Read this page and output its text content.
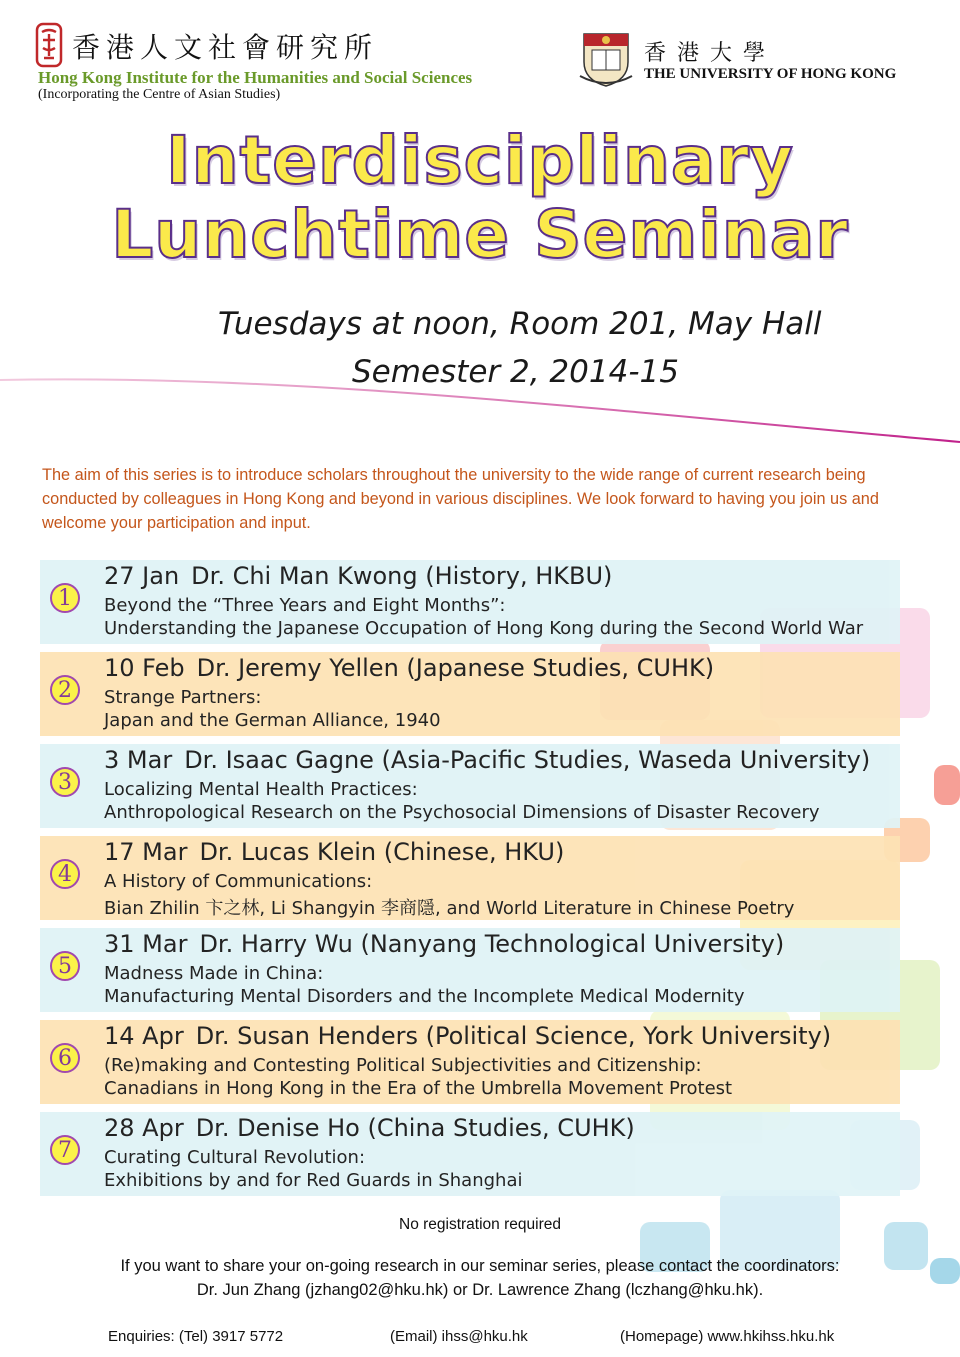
香港人文社會研究所
Hong Kong Institute for the Humanities and Social Sciences
(Incorporating the Centre of Asian Studies)
香港大學
THE UNIVERSITY OF HONG KONG
Interdisciplinary
Lunchtime Seminar
Tuesdays at noon, Room 201, May Hall
Semester 2, 2014-15
The aim of this series is to introduce scholars throughout the university to the wide range of current research being conducted by colleagues in Hong Kong and beyond in various disciplines. We look forward to having you join us and welcome your participation and input.
1
27 Jan Dr. Chi Man Kwong (History, HKBU)
Beyond the “Three Years and Eight Months”:
Understanding the Japanese Occupation of Hong Kong during the Second World War
2
10 Feb Dr. Jeremy Yellen (Japanese Studies, CUHK)
Strange Partners:
Japan and the German Alliance, 1940
3
3 Mar Dr. Isaac Gagne (Asia-Pacific Studies, Waseda University)
Localizing Mental Health Practices:
Anthropological Research on the Psychosocial Dimensions of Disaster Recovery
4
17 Mar Dr. Lucas Klein (Chinese, HKU)
A History of Communications:
Bian Zhilin 卞之林, Li Shangyin 李商隱, and World Literature in Chinese Poetry
5
31 Mar Dr. Harry Wu (Nanyang Technological University)
Madness Made in China:
Manufacturing Mental Disorders and the Incomplete Medical Modernity
6
14 Apr Dr. Susan Henders (Political Science, York University)
(Re)making and Contesting Political Subjectivities and Citizenship:
Canadians in Hong Kong in the Era of the Umbrella Movement Protest
7
28 Apr Dr. Denise Ho (China Studies, CUHK)
Curating Cultural Revolution:
Exhibitions by and for Red Guards in Shanghai
No registration required
If you want to share your on-going research in our seminar series, please contact the coordinators:
Dr. Jun Zhang (jzhang02@hku.hk) or Dr. Lawrence Zhang (lczhang@hku.hk).
Enquiries: (Tel) 3917 5772	(Email) ihss@hku.hk	(Homepage) www.hkihss.hku.hk
